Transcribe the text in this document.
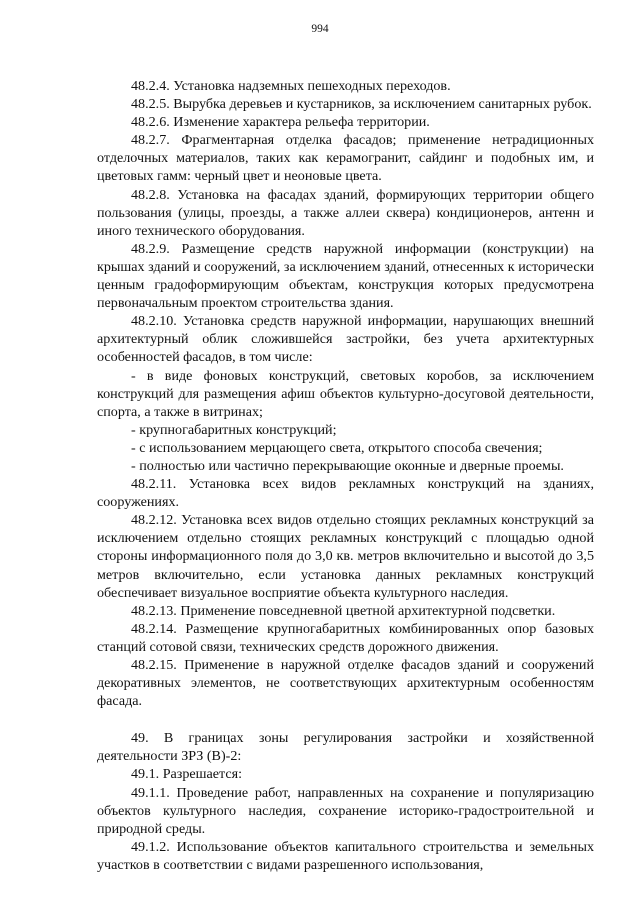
994

48.2.4. Установка надземных пешеходных переходов.

48.2.5. Вырубка деревьев и кустарников, за исключением санитарных рубок.

48.2.6. Изменение характера рельефа территории.

48.2.7. Фрагментарная отделка фасадов; применение нетрадиционных отделочных материалов, таких как керамогранит, сайдинг и подобных им, и цветовых гамм: черный цвет и неоновые цвета.

48.2.8. Установка на фасадах зданий, формирующих территории общего пользования (улицы, проезды, а также аллеи сквера) кондиционеров, антенн и иного технического оборудования.

48.2.9. Размещение средств наружной информации (конструкции) на крышах зданий и сооружений, за исключением зданий, отнесенных к исторически ценным градоформирующим объектам, конструкция которых предусмотрена первоначальным проектом строительства здания.

48.2.10. Установка средств наружной информации, нарушающих внешний архитектурный облик сложившейся застройки, без учета архитектурных особенностей фасадов, в том числе:

- в виде фоновых конструкций, световых коробов, за исключением конструкций для размещения афиш объектов культурно-досуговой деятельности, спорта, а также в витринах;

- крупногабаритных конструкций;

- с использованием мерцающего света, открытого способа свечения;

- полностью или частично перекрывающие оконные и дверные проемы.

48.2.11. Установка всех видов рекламных конструкций на зданиях, сооружениях.

48.2.12. Установка всех видов отдельно стоящих рекламных конструкций за исключением отдельно стоящих рекламных конструкций с площадью одной стороны информационного поля до 3,0 кв. метров включительно и высотой до 3,5 метров включительно, если установка данных рекламных конструкций обеспечивает визуальное восприятие объекта культурного наследия.

48.2.13. Применение повседневной цветной архитектурной подсветки.

48.2.14. Размещение крупногабаритных комбинированных опор базовых станций сотовой связи, технических средств дорожного движения.

48.2.15. Применение в наружной отделке фасадов зданий и сооружений декоративных элементов, не соответствующих архитектурным особенностям фасада.

49. В границах зоны регулирования застройки и хозяйственной деятельности ЗРЗ (В)-2:

49.1. Разрешается:

49.1.1. Проведение работ, направленных на сохранение и популяризацию объектов культурного наследия, сохранение историко-градостроительной и природной среды.

49.1.2. Использование объектов капитального строительства и земельных участков в соответствии с видами разрешенного использования,
